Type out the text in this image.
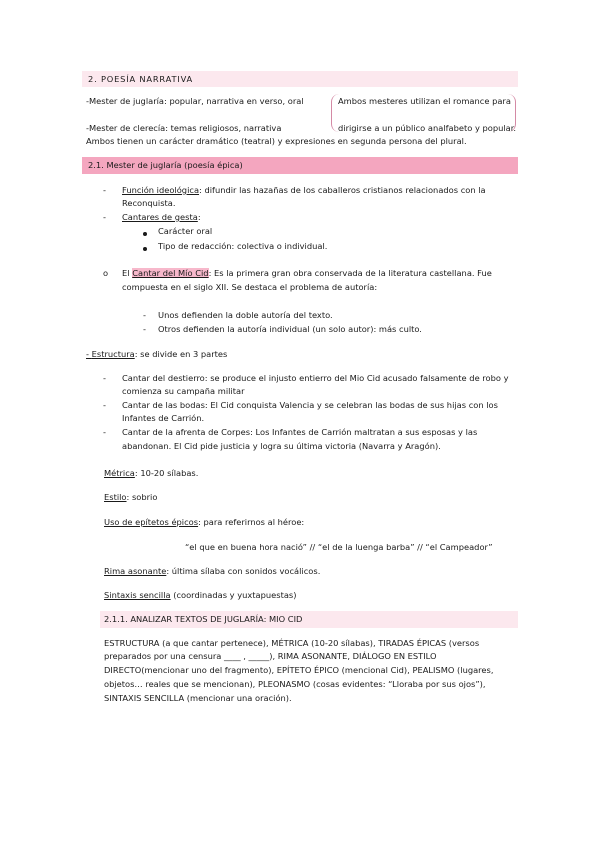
2. POESÍA NARRATIVA
-Mester de juglaría: popular, narrativa en verso, oral	Ambos mesteres utilizan el romance para
-Mester de clerecía: temas religiosos, narrativa	dirigirse a un público analfabeto y popular.
Ambos tienen un carácter dramático (teatral) y expresiones en segunda persona del plural.
2.1. Mester de juglaría (poesía épica)
- Función ideológica: difundir las hazañas de los caballeros cristianos relacionados con la
Reconquista.
- Cantares de gesta:
Carácter oral
Tipo de redacción: colectiva o individual.
o El Cantar del Mío Cid: Es la primera gran obra conservada de la literatura castellana. Fue
compuesta en el siglo XII. Se destaca el problema de autoría:
- Unos defienden la doble autoría del texto.
- Otros defienden la autoría individual (un solo autor): más culto.
- Estructura: se divide en 3 partes
- Cantar del destierro: se produce el injusto entierro del Mio Cid acusado falsamente de robo y
comienza su campaña militar
- Cantar de las bodas: El Cid conquista Valencia y se celebran las bodas de sus hijas con los
Infantes de Carrión.
- Cantar de la afrenta de Corpes: Los Infantes de Carrión maltratan a sus esposas y las
abandonan. El Cid pide justicia y logra su última victoria (Navarra y Aragón).
Métrica: 10-20 sílabas.
Estilo: sobrio
Uso de epítetos épicos: para referirnos al héroe:
“el que en buena hora nació” // “el de la luenga barba” // “el Campeador”
Rima asonante: última sílaba con sonidos vocálicos.
Sintaxis sencilla (coordinadas y yuxtapuestas)
2.1.1. ANALIZAR TEXTOS DE JUGLARÍA: MIO CID
ESTRUCTURA (a que cantar pertenece), MÉTRICA (10-20 sílabas), TIRADAS ÉPICAS (versos
preparados por una censura ____ , _____), RIMA ASONANTE, DIÁLOGO EN ESTILO
DIRECTO(mencionar uno del fragmento), EPÍTETO ÉPICO (mencional Cid), PEALISMO (lugares,
objetos… reales que se mencionan), PLEONASMO (cosas evidentes: “Lloraba por sus ojos”),
SINTAXIS SENCILLA (mencionar una oración).
